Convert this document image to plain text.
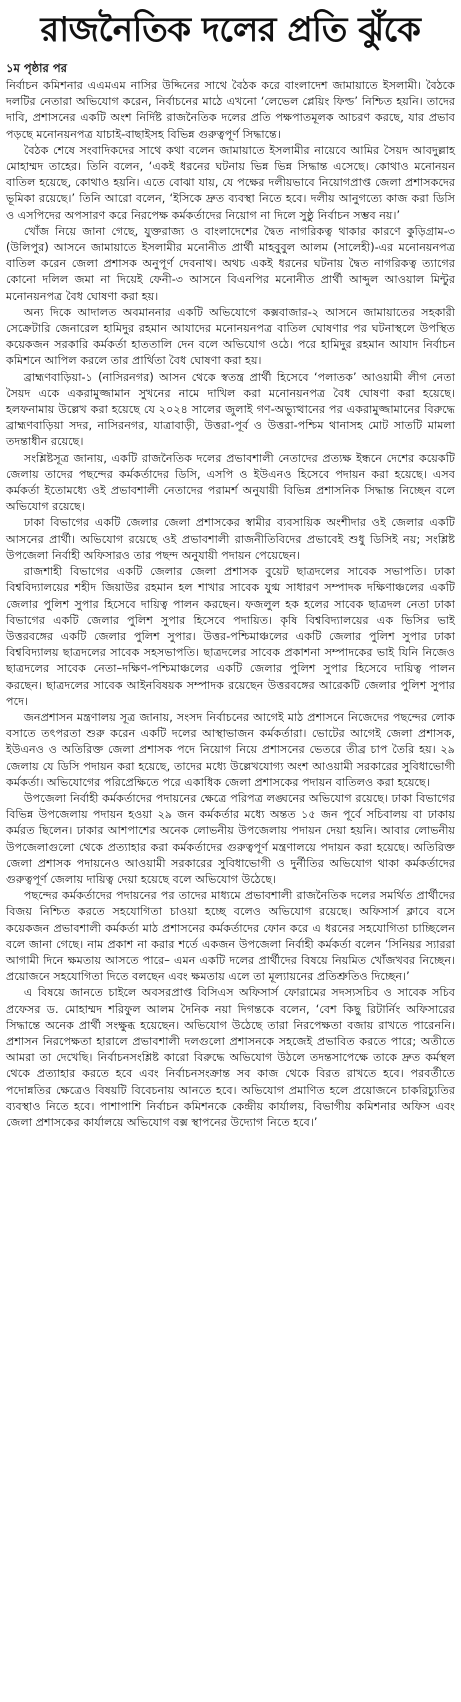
রাজনৈতিক দলের প্রতি ঝুঁকে
১ম পৃষ্ঠার পর

নির্বাচন কমিশনার এএমএম নাসির উদ্দিনের সাথে বৈঠক করে বাংলাদেশ জামায়াতে ইসলামী। বৈঠকে দলটির নেতারা অভিযোগ করেন, নির্বাচনের মাঠে এখনো ‘লেভেল প্লেয়িং ফিল্ড’ নিশ্চিত হয়নি। তাদের দাবি, প্রশাসনের একটি অংশ নির্দিষ্ট রাজনৈতিক দলের প্রতি পক্ষপাতমূলক আচরণ করছে, যার প্রভাব পড়ছে মনোনয়নপত্র যাচাই-বাছাইসহ বিভিন্ন গুরুত্বপূর্ণ সিদ্ধান্তে।

বৈঠক শেষে সংবাদিকদের সাথে কথা বলেন জামায়াতে ইসলামীর নায়েবে আমির সৈয়দ আবদুল্লাহ মোহাম্মদ তাহের। তিনি বলেন, ‘একই ধরনের ঘটনায় ভিন্ন ভিন্ন সিদ্ধান্ত এসেছে। কোথাও মনোনয়ন বাতিল হয়েছে, কোথাও হয়নি। এতে বোঝা যায়, যে পক্ষের দলীয়ভাবে নিয়োগপ্রাপ্ত জেলা প্রশাসকদের ভূমিকা রয়েছে।’ তিনি আরো বলেন, ‘ইসিকে দ্রুত ব্যবস্থা নিতে হবে। দলীয় আনুগত্যে কাজ করা ডিসি ও এসপিদের অপসারণ করে নিরপেক্ষ কর্মকর্তাদের নিয়োগ না দিলে সুষ্ঠু নির্বাচন সম্ভব নয়।’

খোঁজ নিয়ে জানা গেছে, যুক্তরাজ্য ও বাংলাদেশের দ্বৈত নাগরিকত্ব থাকার কারণে কুড়িগ্রাম-৩ (উলিপুর) আসনে জামায়াতে ইসলামীর মনোনীত প্রার্থী মাহবুবুল আলম (সালেহী)-এর মনোনয়নপত্র বাতিল করেন জেলা প্রশাসক অনুপূর্ণ দেবনাথ। অথচ একই ধরনের ঘটনায় দ্বৈত নাগরিকত্ব ত্যাগের কোনো দলিল জমা না দিয়েই ফেনী-৩ আসনে বিএনপির মনোনীত প্রার্থী আব্দুল আওয়াল মিন্টুর মনোনয়নপত্র বৈধ ঘোষণা করা হয়।

অন্য দিকে আদালত অবমাননার একটি অভিযোগে কক্সবাজার-২ আসনে জামায়াতের সহকারী সেক্রেটারি জেনারেল হামিদুর রহমান আযাদের মনোনয়নপত্র বাতিল ঘোষণার পর ঘটনাস্থলে উপস্থিত কয়েকজন সরকারি কর্মকর্তা হাততালি দেন বলে অভিযোগ ওঠে। পরে হামিদুর রহমান আযাদ নির্বাচন কমিশনে আপিল করলে তার প্রার্থিতা বৈধ ঘোষণা করা হয়।

ব্রাহ্মণবাড়িয়া-১ (নাসিরনগর) আসন থেকে স্বতন্ত্র প্রার্থী হিসেবে ‘পলাতক’ আওয়ামী লীগ নেতা সৈয়দ একে একরামুজ্জামান সুখনের নামে দাখিল করা মনোনয়নপত্র বৈধ ঘোষণা করা হয়েছে। হলফনামায় উল্লেখ করা হয়েছে যে ২০২৪ সালের জুলাই গণ-অভ্যুত্থানের পর একরামুজ্জামানের বিরুদ্ধে ব্রাহ্মণবাড়িয়া সদর, নাসিরনগর, যাত্রাবাড়ী, উত্তরা-পূর্ব ও উত্তরা-পশ্চিম থানাসহ মোট সাতটি মামলা তদন্তাধীন রয়েছে।

সংশ্লিষ্টসূত্র জানায়, একটি রাজনৈতিক দলের প্রভাবশালী নেতাদের প্রত্যক্ষ ইন্ধনে দেশের কয়েকটি জেলায় তাদের পছন্দের কর্মকর্তাদের ডিসি, এসপি ও ইউএনও হিসেবে পদায়ন করা হয়েছে। এসব কর্মকর্তা ইতোমধ্যে ওই প্রভাবশালী নেতাদের পরামর্শ অনুযায়ী বিভিন্ন প্রশাসনিক সিদ্ধান্ত নিচ্ছেন বলে অভিযোগ রয়েছে।

ঢাকা বিভাগের একটি জেলার জেলা প্রশাসকের স্বামীর ব্যবসায়িক অংশীদার ওই জেলার একটি আসনের প্রার্থী। অভিযোগ রয়েছে ওই প্রভাবশালী রাজনীতিবিদের প্রভাবেই শুধু ডিসিই নয়; সংশ্লিষ্ট উপজেলা নির্বাহী অফিসারও তার পছন্দ অনুযায়ী পদায়ন পেয়েছেন।

রাজশাহী বিভাগের একটি জেলার জেলা প্রশাসক বুয়েট ছাত্রদলের সাবেক সভাপতি। ঢাকা বিশ্ববিদ্যালয়ের শহীদ জিয়াউর রহমান হল শাখার সাবেক যুগ্ম সাধারণ সম্পাদক দক্ষিণাঞ্চলের একটি জেলার পুলিশ সুপার হিসেবে দায়িত্ব পালন করছেন। ফজলুল হক হলের সাবেক ছাত্রদল নেতা ঢাকা বিভাগের একটি জেলার পুলিশ সুপার হিসেবে পদায়িত। কৃষি বিশ্ববিদ্যালয়ের এক ভিসির ভাই উত্তরবঙ্গের একটি জেলার পুলিশ সুপার। উত্তর-পশ্চিমাঞ্চলের একটি জেলার পুলিশ সুপার ঢাকা বিশ্ববিদ্যালয় ছাত্রদলের সাবেক সহসভাপতি। ছাত্রদলের সাবেক প্রকাশনা সম্পাদকের ভাই যিনি নিজেও ছাত্রদলের সাবেক নেতা–দক্ষিণ-পশ্চিমাঞ্চলের একটি জেলার পুলিশ সুপার হিসেবে দায়িত্ব পালন করছেন। ছাত্রদলের সাবেক আইনবিষয়ক সম্পাদক রয়েছেন উত্তরবঙ্গের আরেকটি জেলার পুলিশ সুপার পদে।

জনপ্রশাসন মন্ত্রণালয় সূত্র জানায়, সংসদ নির্বাচনের আগেই মাঠ প্রশাসনে নিজেদের পছন্দের লোক বসাতে তৎপরতা শুরু করেন একটি দলের আস্থাভাজন কর্মকর্তারা। ভোটের আগেই জেলা প্রশাসক, ইউএনও ও অতিরিক্ত জেলা প্রশাসক পদে নিয়োগ নিয়ে প্রশাসনের ভেতরে তীব্র চাপ তৈরি হয়। ২৯ জেলায় যে ডিসি পদায়ন করা হয়েছে, তাদের মধ্যে উল্লেখযোগ্য অংশ আওয়ামী সরকারের সুবিধাভোগী কর্মকর্তা। অভিযোগের পরিপ্রেক্ষিতে পরে একাধিক জেলা প্রশাসকের পদায়ন বাতিলও করা হয়েছে।

উপজেলা নির্বাহী কর্মকর্তাদের পদায়নের ক্ষেত্রে পরিপত্র লঙ্ঘনের অভিযোগ রয়েছে। ঢাকা বিভাগের বিভিন্ন উপজেলায় পদায়ন হওয়া ২৯ জন কর্মকর্তার মধ্যে অন্তত ১৫ জন পূর্বে সচিবালয় বা ঢাকায় কর্মরত ছিলেন। ঢাকার আশপাশের অনেক লোভনীয় উপজেলায় পদায়ন দেয়া হয়নি। আবার লোভনীয় উপজেলাগুলো থেকে প্রত্যাহার করা কর্মকর্তাদের গুরুত্বপূর্ণ মন্ত্রণালয়ে পদায়ন করা হয়েছে। অতিরিক্ত জেলা প্রশাসক পদায়নেও আওয়ামী সরকারের সুবিধাভোগী ও দুর্নীতির অভিযোগ থাকা কর্মকর্তাদের গুরুত্বপূর্ণ জেলায় দায়িত্ব দেয়া হয়েছে বলে অভিযোগ উঠেছে।

পছন্দের কর্মকর্তাদের পদায়নের পর তাদের মাধ্যমে প্রভাবশালী রাজনৈতিক দলের সমর্থিত প্রার্থীদের বিজয় নিশ্চিত করতে সহযোগিতা চাওয়া হচ্ছে বলেও অভিযোগ রয়েছে। অফিসার্স ক্লাবে বসে কয়েকজন প্রভাবশালী কর্মকর্তা মাঠ প্রশাসনের কর্মকর্তাদের ফোন করে এ ধরনের সহযোগিতা চাচ্ছিলেন বলে জানা গেছে। নাম প্রকাশ না করার শর্তে একজন উপজেলা নির্বাহী কর্মকর্তা বলেন ‘সিনিয়র স্যাররা আগামী দিনে ক্ষমতায় আসতে পারে– এমন একটি দলের প্রার্থীদের বিষয়ে নিয়মিত খোঁজখবর নিচ্ছেন। প্রয়োজনে সহযোগিতা দিতে বলছেন এবং ক্ষমতায় এলে তা মূল্যায়নের প্রতিশ্রুতিও দিচ্ছেন।’

এ বিষয়ে জানতে চাইলে অবসরপ্রাপ্ত বিসিএস অফিসার্স ফোরামের সদস্যসচিব ও সাবেক সচিব প্রফেসর ড. মোহাম্মদ শরিফুল আলম দৈনিক নয়া দিগন্তকে বলেন, ‘বেশ কিছু রিটার্নিং অফিসারের সিদ্ধান্তে অনেক প্রার্থী সংক্ষুব্ধ হয়েছেন। অভিযোগ উঠেছে তারা নিরপেক্ষতা বজায় রাখতে পারেননি। প্রশাসন নিরপেক্ষতা হারালে প্রভাবশালী দলগুলো প্রশাসনকে সহজেই প্রভাবিত করতে পারে; অতীতে আমরা তা দেখেছি। নির্বাচনসংশ্লিষ্ট কারো বিরুদ্ধে অভিযোগ উঠলে তদন্তসাপেক্ষে তাকে দ্রুত কর্মস্থল থেকে প্রত্যাহার করতে হবে এবং নির্বাচনসংক্রান্ত সব কাজ থেকে বিরত রাখতে হবে। পরবর্তীতে পদোন্নতির ক্ষেত্রেও বিষয়টি বিবেচনায় আনতে হবে। অভিযোগ প্রমাণিত হলে প্রয়োজনে চাকরিচ্যুতির ব্যবস্থাও নিতে হবে। পাশাপাশি নির্বাচন কমিশনকে কেন্দ্রীয় কার্যালয়, বিভাগীয় কমিশনার অফিস এবং জেলা প্রশাসকের কার্যালয়ে অভিযোগ বক্স স্থাপনের উদ্যোগ নিতে হবে।’
